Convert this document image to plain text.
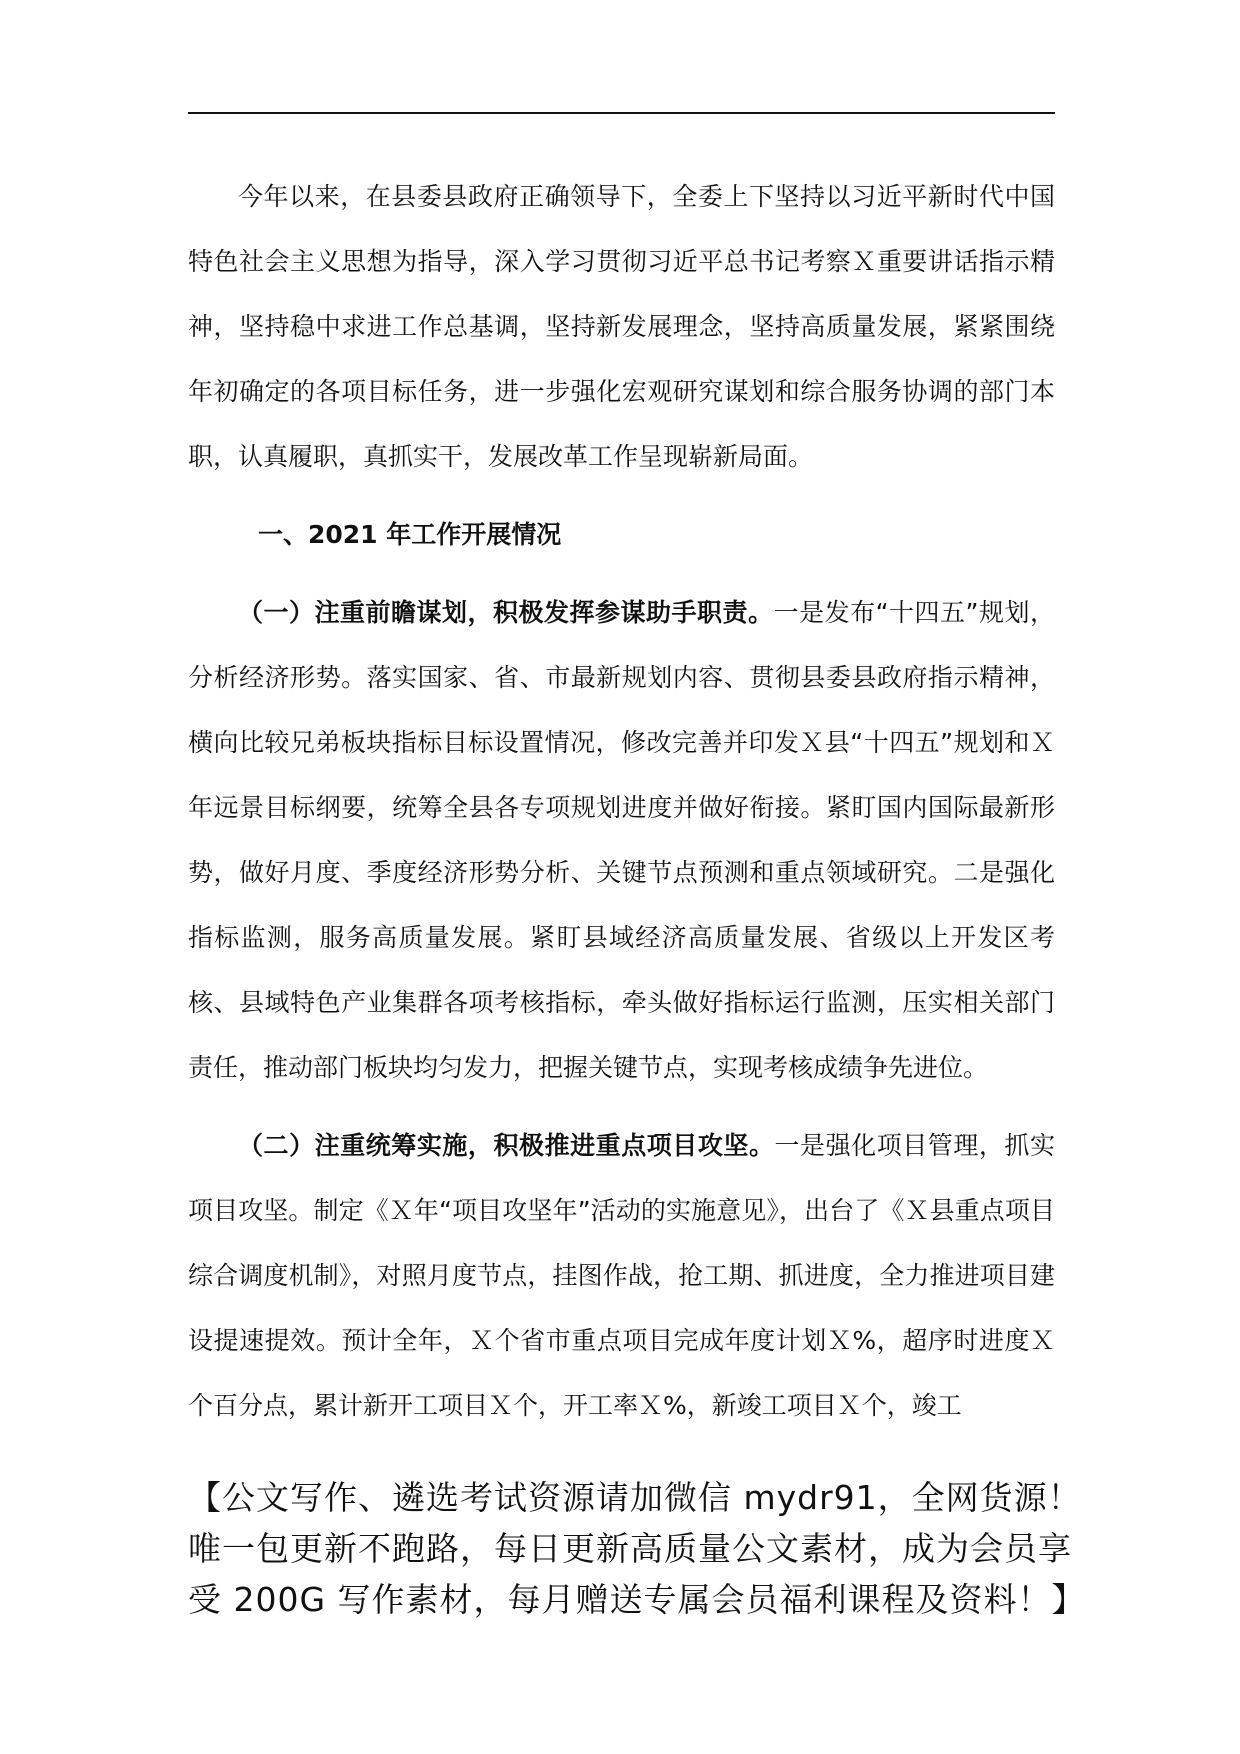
今年以来，在县委县政府正确领导下，全委上下坚持以习近平新时代中国特色社会主义思想为指导，深入学习贯彻习近平总书记考察Ｘ重要讲话指示精神，坚持稳中求进工作总基调，坚持新发展理念，坚持高质量发展，紧紧围绕年初确定的各项目标任务，进一步强化宏观研究谋划和综合服务协调的部门本职，认真履职，真抓实干，发展改革工作呈现崭新局面。

一、2021 年工作开展情况

（一）注重前瞻谋划，积极发挥参谋助手职责。一是发布“十四五”规划，分析经济形势。落实国家、省、市最新规划内容、贯彻县委县政府指示精神，横向比较兄弟板块指标目标设置情况，修改完善并印发Ｘ县“十四五”规划和Ｘ年远景目标纲要，统筹全县各专项规划进度并做好衔接。紧盯国内国际最新形势，做好月度、季度经济形势分析、关键节点预测和重点领域研究。二是强化指标监测，服务高质量发展。紧盯县域经济高质量发展、省级以上开发区考核、县域特色产业集群各项考核指标，牵头做好指标运行监测，压实相关部门责任，推动部门板块均匀发力，把握关键节点，实现考核成绩争先进位。

（二）注重统筹实施，积极推进重点项目攻坚。一是强化项目管理，抓实项目攻坚。制定《Ｘ年“项目攻坚年”活动的实施意见》，出台了《Ｘ县重点项目综合调度机制》，对照月度节点，挂图作战，抢工期、抓进度，全力推进项目建设提速提效。预计全年，Ｘ个省市重点项目完成年度计划Ｘ%，超序时进度Ｘ个百分点，累计新开工项目Ｘ个，开工率Ｘ%，新竣工项目Ｘ个，竣工

【公文写作、遴选考试资源请加微信 mydr91，全网货源！唯一包更新不跑路，每日更新高质量公文素材，成为会员享受 200G 写作素材，每月赠送专属会员福利课程及资料！】
